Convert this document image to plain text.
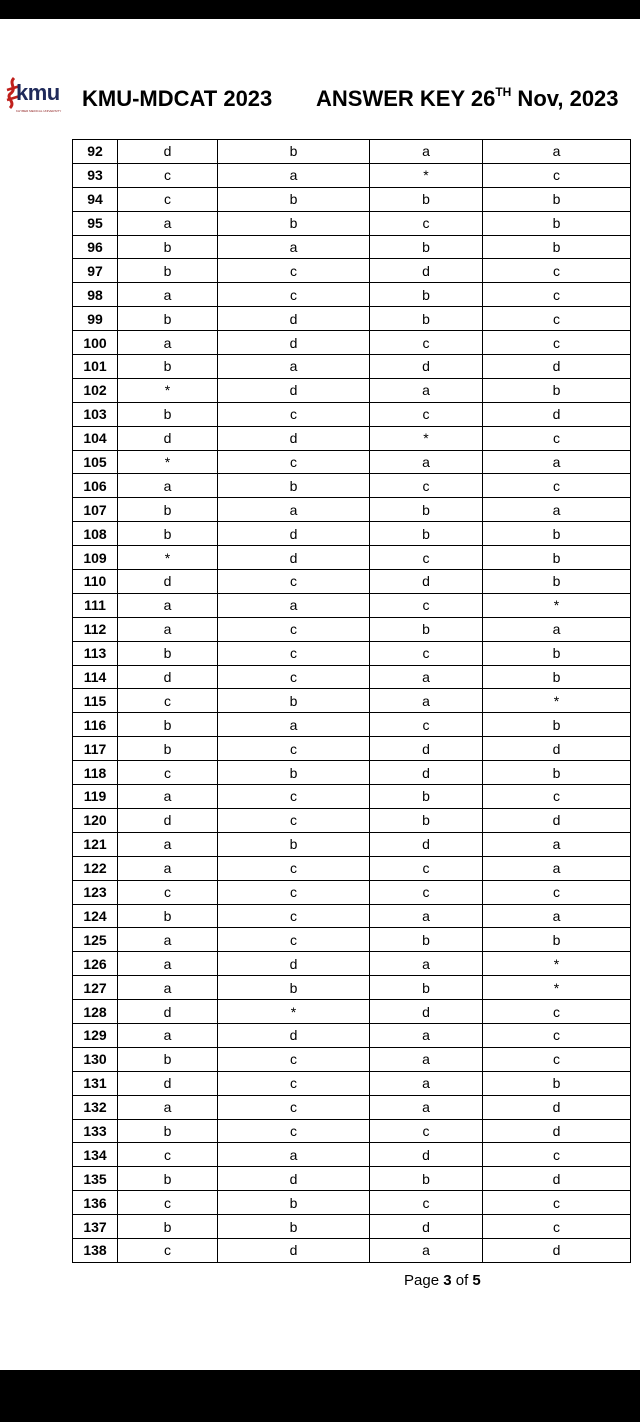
kmu
KHYBER MEDICAL UNIVERSITY KMU-MDCAT 2023 ANSWER KEY 26TH Nov, 2023
92	d	b	a	a
93	c	a	*	c
94	c	b	b	b
95	a	b	c	b
96	b	a	b	b
97	b	c	d	c
98	a	c	b	c
99	b	d	b	c
100	a	d	c	c
101	b	a	d	d
102	*	d	a	b
103	b	c	c	d
104	d	d	*	c
105	*	c	a	a
106	a	b	c	c
107	b	a	b	a
108	b	d	b	b
109	*	d	c	b
110	d	c	d	b
111	a	a	c	*
112	a	c	b	a
113	b	c	c	b
114	d	c	a	b
115	c	b	a	*
116	b	a	c	b
117	b	c	d	d
118	c	b	d	b
119	a	c	b	c
120	d	c	b	d
121	a	b	d	a
122	a	c	c	a
123	c	c	c	c
124	b	c	a	a
125	a	c	b	b
126	a	d	a	*
127	a	b	b	*
128	d	*	d	c
129	a	d	a	c
130	b	c	a	c
131	d	c	a	b
132	a	c	a	d
133	b	c	c	d
134	c	a	d	c
135	b	d	b	d
136	c	b	c	c
137	b	b	d	c
138	c	d	a	d
Page 3 of 5
